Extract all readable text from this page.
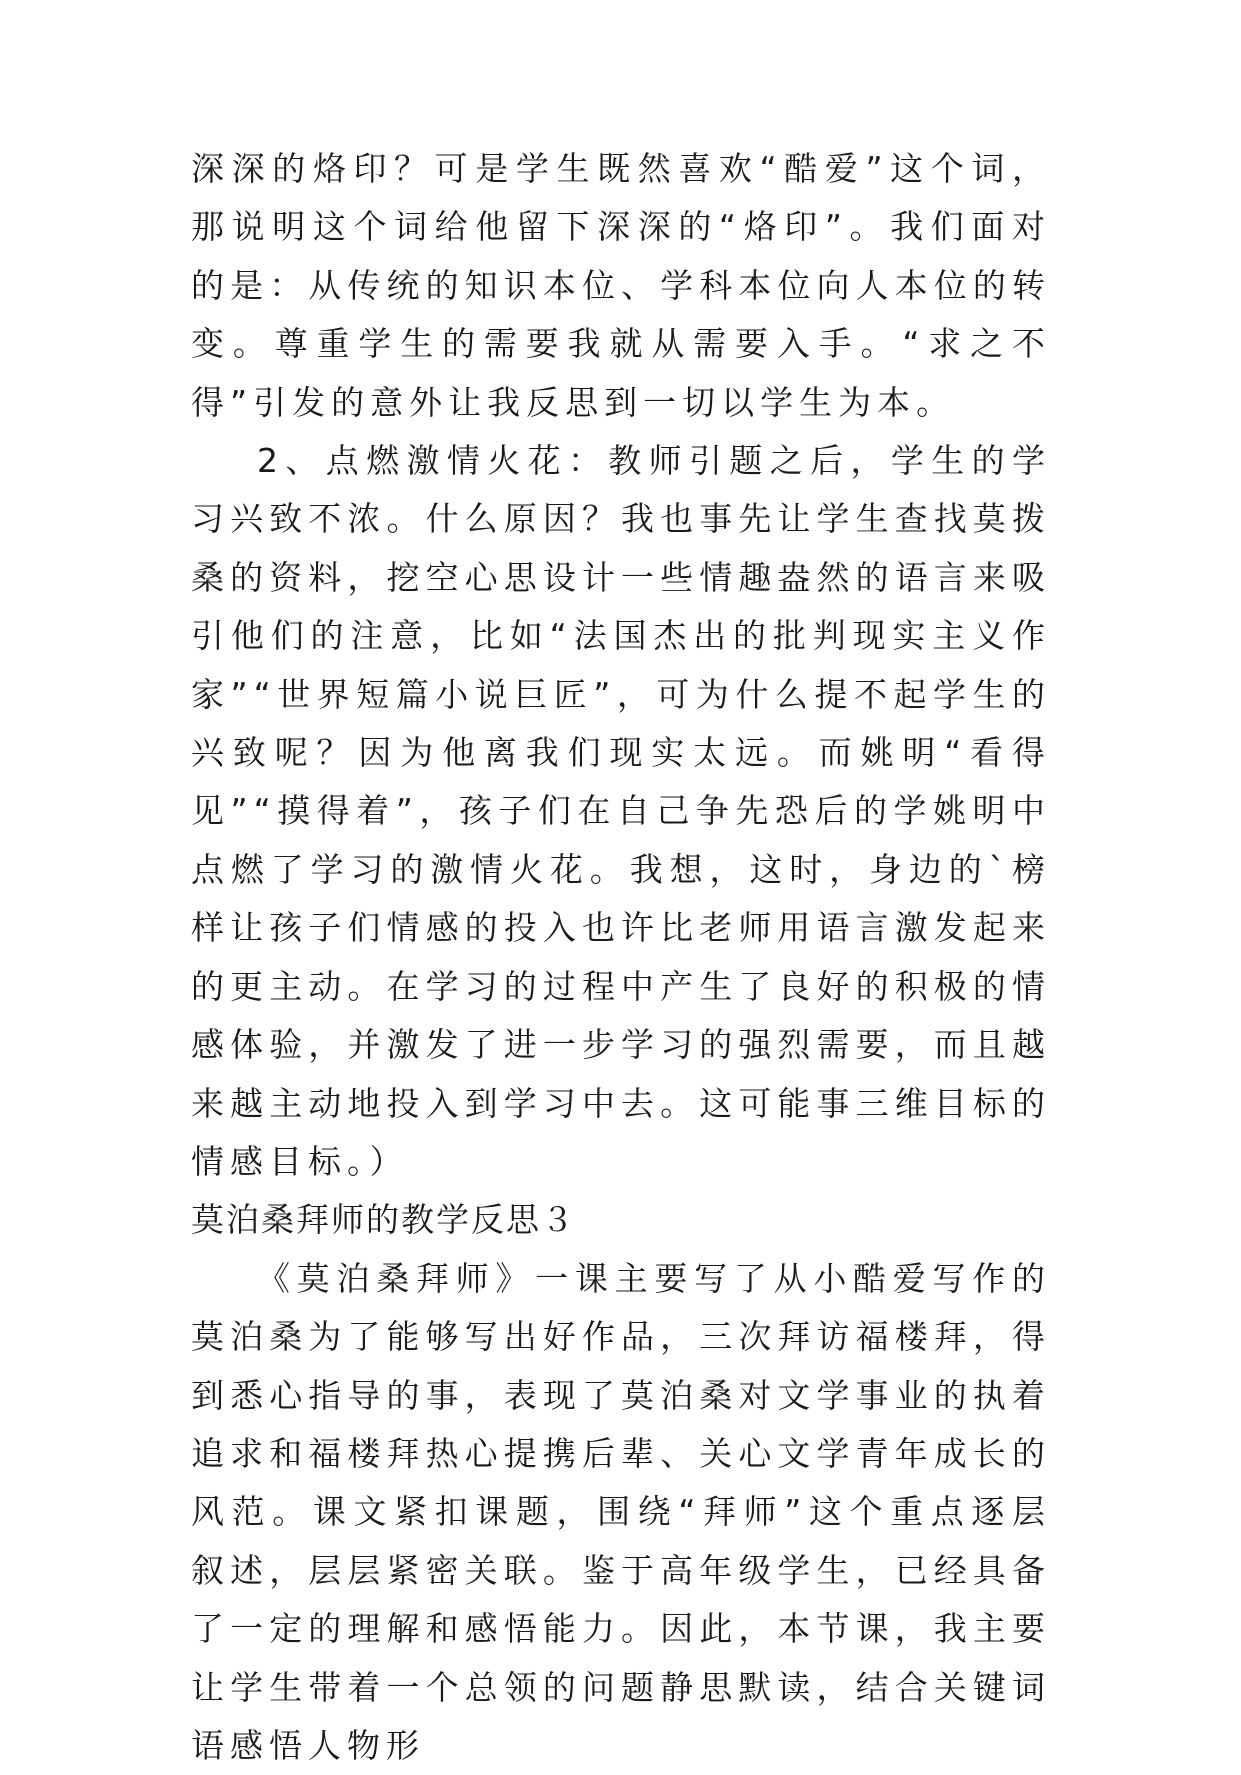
深深的烙印？可是学生既然喜欢“酷爱”这个词，那说明这个词给他留下深深的“烙印”。我们面对的是：从传统的知识本位、学科本位向人本位的转变。尊重学生的需要我就从需要入手。“求之不得”引发的意外让我反思到一切以学生为本。

2、点燃激情火花：教师引题之后，学生的学习兴致不浓。什么原因？我也事先让学生查找莫拨桑的资料，挖空心思设计一些情趣盎然的语言来吸引他们的注意，比如“法国杰出的批判现实主义作家”“世界短篇小说巨匠”，可为什么提不起学生的兴致呢？因为他离我们现实太远。而姚明“看得见”“摸得着”，孩子们在自己争先恐后的学姚明中点燃了学习的激情火花。我想，这时，身边的`榜样让孩子们情感的投入也许比老师用语言激发起来的更主动。在学习的过程中产生了良好的积极的情感体验，并激发了进一步学习的强烈需要，而且越来越主动地投入到学习中去。这可能事三维目标的情感目标。）

莫泊桑拜师的教学反思３

《莫泊桑拜师》一课主要写了从小酷爱写作的莫泊桑为了能够写出好作品，三次拜访福楼拜，得到悉心指导的事，表现了莫泊桑对文学事业的执着追求和福楼拜热心提携后辈、关心文学青年成长的风范。课文紧扣课题，围绕“拜师”这个重点逐层叙述，层层紧密关联。鉴于高年级学生，已经具备了一定的理解和感悟能力。因此，本节课，我主要让学生带着一个总领的问题静思默读，结合关键词语感悟人物形
